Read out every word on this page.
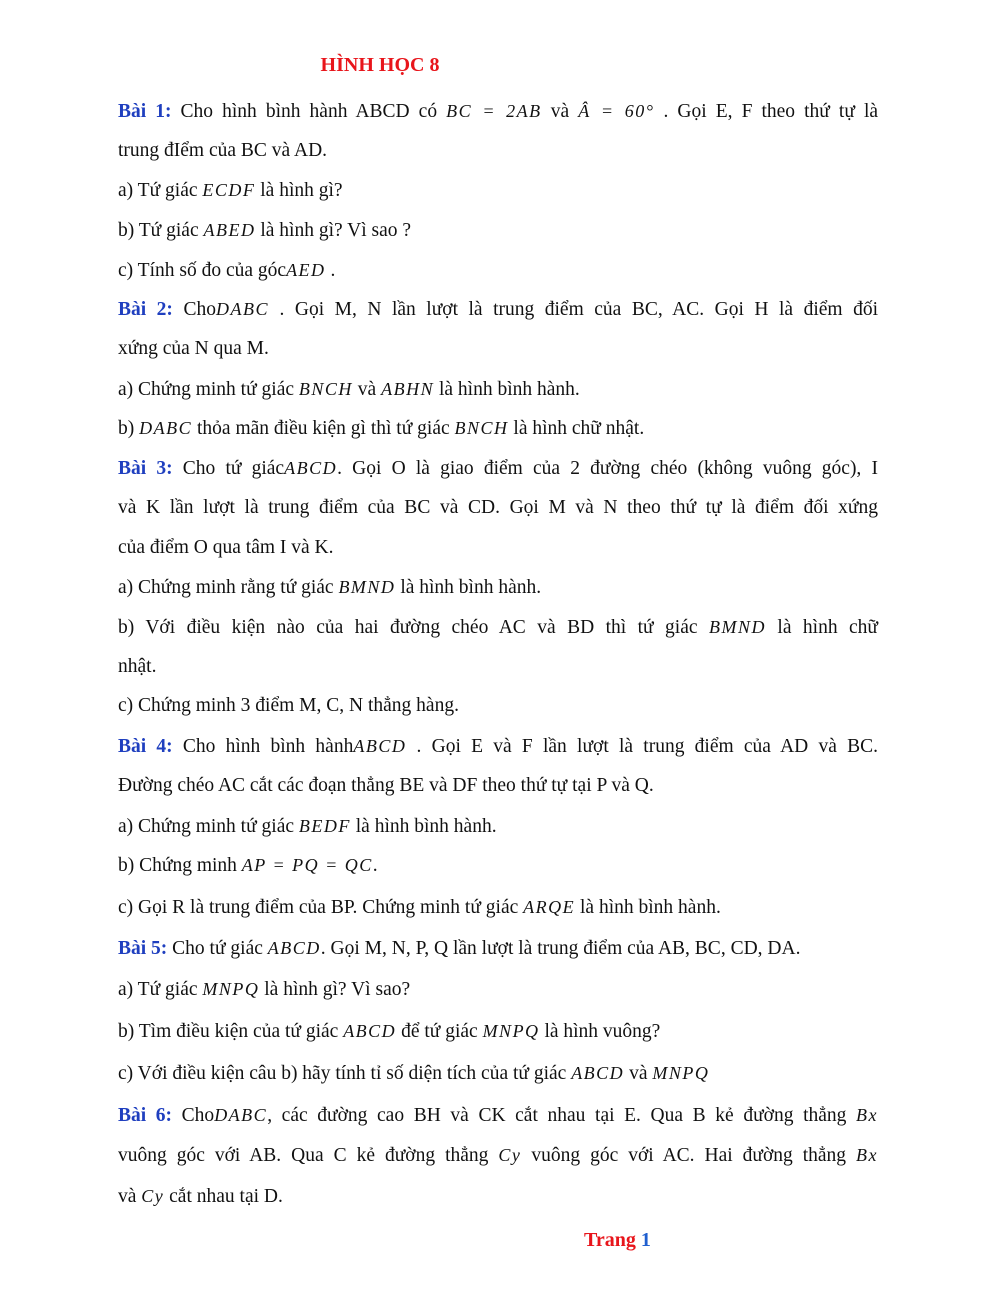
HÌNH HỌC 8
Bài 1: Cho hình bình hành ABCD có BC = 2AB và Â = 60° . Gọi E, F theo thứ tự là
trung đIểm của BC và AD.
a) Tứ giác ECDF là hình gì?
b) Tứ giác ABED là hình gì? Vì sao ?
c) Tính số đo của gócAED .
Bài 2: ChoDABC . Gọi M, N lần lượt là trung điểm của BC, AC. Gọi H là điểm đối
xứng của N qua M.
a) Chứng minh tứ giác BNCH và ABHN là hình bình hành.
b) DABC thỏa mãn điều kiện gì thì tứ giác BNCH là hình chữ nhật.
Bài 3: Cho tứ giácABCD. Gọi O là giao điểm của 2 đường chéo (không vuông góc), I
và K lần lượt là trung điểm của BC và CD. Gọi M và N theo thứ tự là điểm đối xứng
của điểm O qua tâm I và K.
a) Chứng minh rằng tứ giác BMND là hình bình hành.
b) Với điều kiện nào của hai đường chéo AC và BD thì tứ giác BMND là hình chữ
nhật.
c) Chứng minh 3 điểm M, C, N thẳng hàng.
Bài 4: Cho hình bình hànhABCD . Gọi E và F lần lượt là trung điểm của AD và BC.
Đường chéo AC cắt các đoạn thẳng BE và DF theo thứ tự tại P và Q.
a) Chứng minh tứ giác BEDF là hình bình hành.
b) Chứng minh AP = PQ = QC.
c) Gọi R là trung điểm của BP. Chứng minh tứ giác ARQE là hình bình hành.
Bài 5: Cho tứ giác ABCD. Gọi M, N, P, Q lần lượt là trung điểm của AB, BC, CD, DA.
a) Tứ giác MNPQ là hình gì? Vì sao?
b) Tìm điều kiện của tứ giác ABCD để tứ giác MNPQ là hình vuông?
c) Với điều kiện câu b) hãy tính tỉ số diện tích của tứ giác ABCD và MNPQ
Bài 6: ChoDABC, các đường cao BH và CK cắt nhau tại E. Qua B kẻ đường thẳng Bx
vuông góc với AB. Qua C kẻ đường thẳng Cy vuông góc với AC. Hai đường thẳng Bx
và Cy cắt nhau tại D.
Trang 1
